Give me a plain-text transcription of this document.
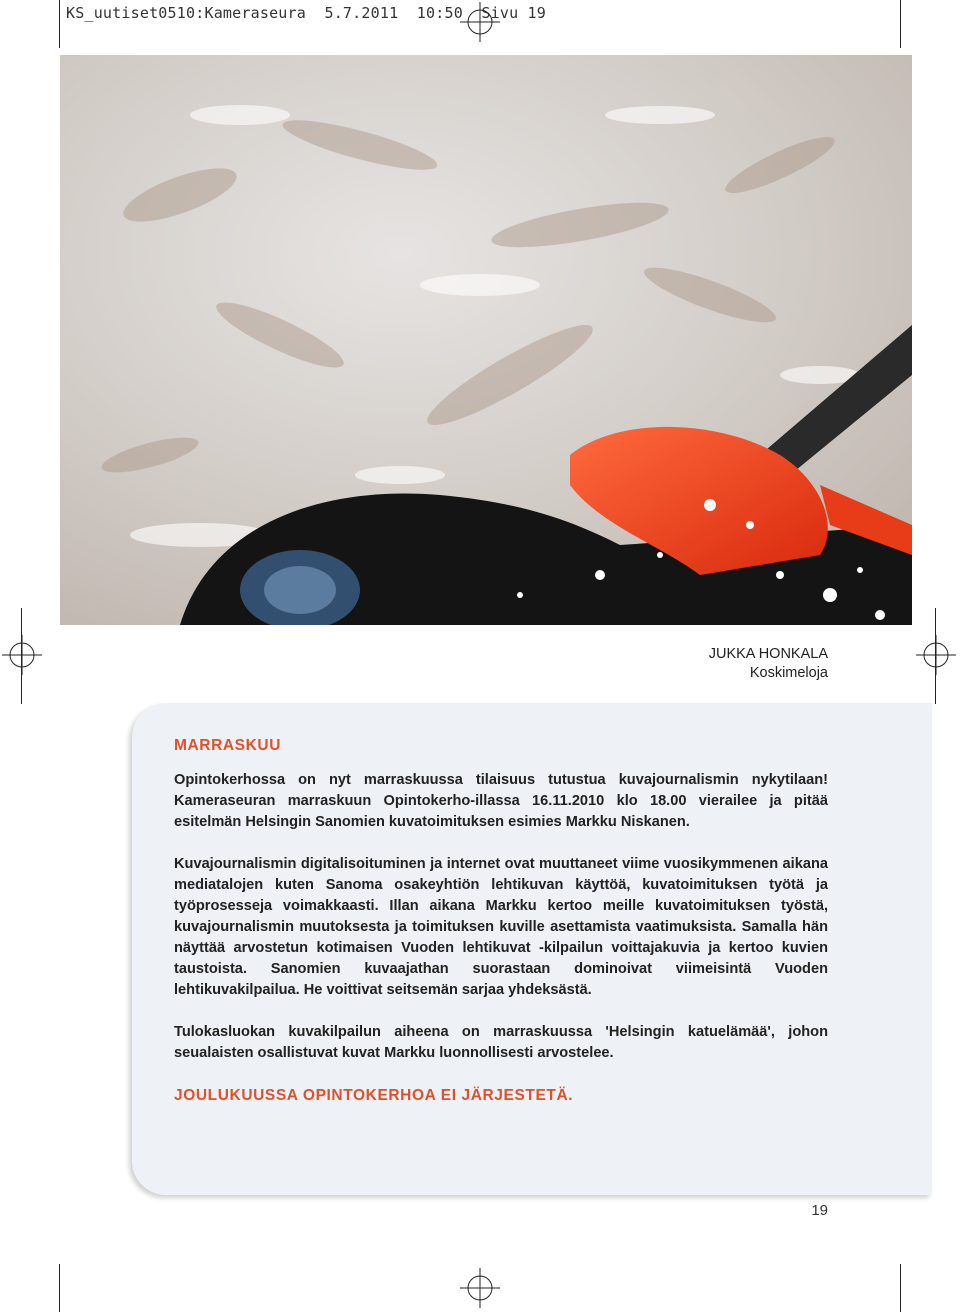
KS_uutiset0510:Kameraseura  5.7.2011  10:50  Sivu 19
JUKKA HONKALA
Koskimeloja
MARRASKUU

Opintokerhossa on nyt marraskuussa tilaisuus tutustua kuvajournalismin nykytilaan! Kameraseuran marraskuun Opintokerho-illassa 16.11.2010 klo 18.00 vierailee ja pitää esitelmän Helsingin Sanomien kuvatoimituksen esimies Markku Niskanen.

Kuvajournalismin digitalisoituminen ja internet ovat muuttaneet viime vuosikymmenen aikana mediatalojen kuten Sanoma osakeyhtiön lehtikuvan käyttöä, kuvatoimituksen työtä ja työprosesseja voimakkaasti. Illan aikana Markku kertoo meille kuvatoimituksen työstä, kuvajournalismin muutoksesta ja toimituksen kuville asettamista vaatimuksista. Samalla hän näyttää arvostetun kotimaisen Vuoden lehtikuvat -kilpailun voittajakuvia ja kertoo kuvien taustoista. Sanomien kuvaajathan suorastaan dominoivat viimeisintä Vuoden lehtikuvakilpailua. He voittivat seitsemän sarjaa yhdeksästä.

Tulokasluokan kuvakilpailun aiheena on marraskuussa 'Helsingin katuelämää', johon seualaisten osallistuvat kuvat Markku luonnollisesti arvostelee.

JOULUKUUSSA OPINTOKERHOA EI JÄRJESTETÄ.
19
